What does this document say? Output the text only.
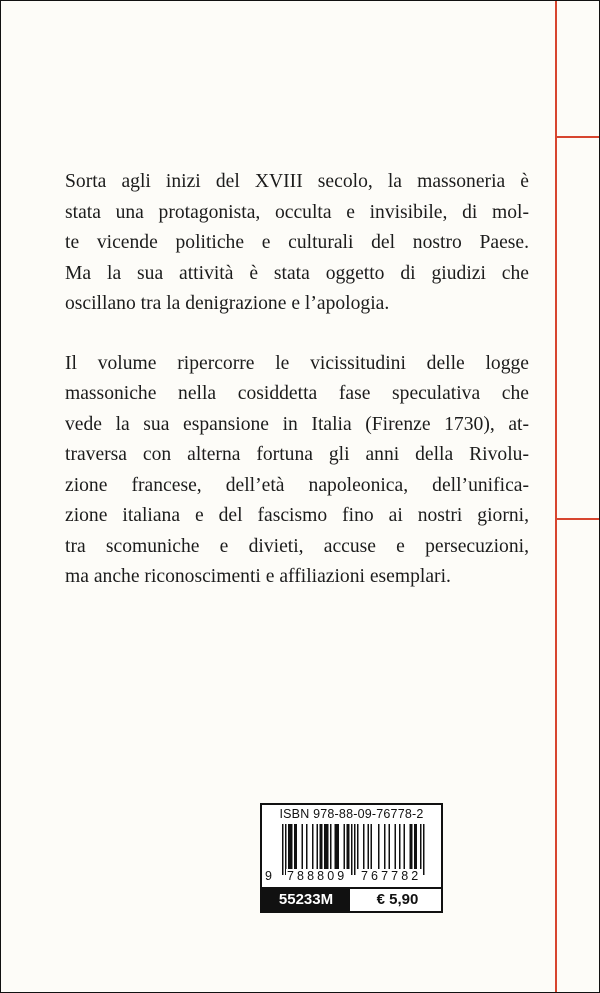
Sorta agli inizi del XVIII secolo, la massoneria è
stata una protagonista, occulta e invisibile, di mol-
te vicende politiche e culturali del nostro Paese.
Ma la sua attività è stata oggetto di giudizi che
oscillano tra la denigrazione e l’apologia.

Il volume ripercorre le vicissitudini delle logge
massoniche nella cosiddetta fase speculativa che
vede la sua espansione in Italia (Firenze 1730), at-
traversa con alterna fortuna gli anni della Rivolu-
zione francese, dell’età napoleonica, dell’unifica-
zione italiana e del fascismo fino ai nostri giorni,
tra scomuniche e divieti, accuse e persecuzioni,
ma anche riconoscimenti e affiliazioni esemplari.

ISBN 978-88-09-76778-2
9 788809 767782
55233M	€ 5,90
